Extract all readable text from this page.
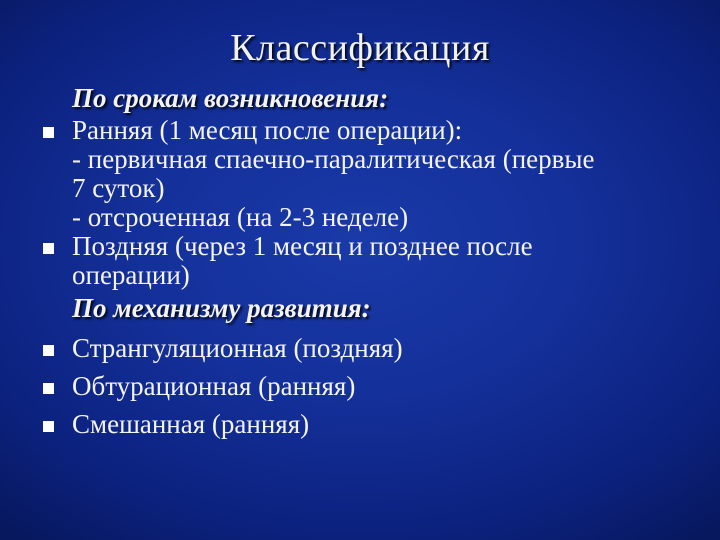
Классификация
По срокам возникновения:
Ранняя (1 месяц после операции):
- первичная спаечно-паралитическая (первые
7 суток)
- отсроченная (на 2-3 неделе)
Поздняя (через 1 месяц и позднее после
операции)
По механизму развития:
Странгуляционная (поздняя)
Обтурационная (ранняя)
Смешанная (ранняя)
